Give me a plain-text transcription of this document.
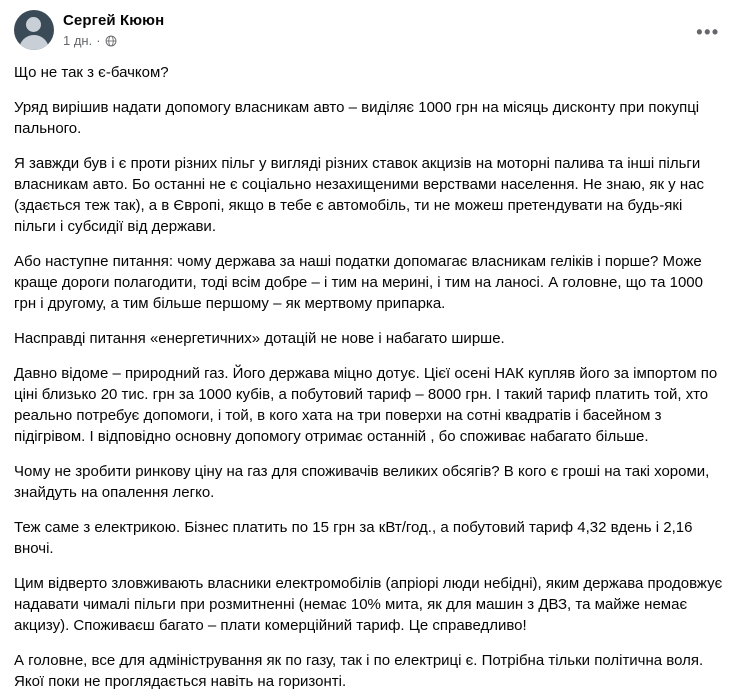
Сергей Кююн
1 дн. ·	•••

Що не так з є-бачком?

Уряд вирішив надати допомогу власникам авто – виділяє 1000 грн на місяць дисконту при покупці пального.

Я завжди був і є проти різних пільг у вигляді різних ставок акцизів на моторні палива та інші пільги власникам авто. Бо останні не є соціально незахищеними верствами населення. Не знаю, як у нас (здається теж так), а в Європі, якщо в тебе є автомобіль, ти не можеш претендувати на будь-які пільги і субсидії від держави.

Або наступне питання: чому держава за наші податки допомагає власникам геліків і порше? Може краще дороги полагодити, тоді всім добре – і тим на мерині, і тим на ланосі. А головне, що та 1000 грн і другому, а тим більше першому – як мертвому припарка.

Насправді питання «енергетичних» дотацій не нове і набагато ширше.

Давно відоме – природний газ. Його держава міцно дотує. Цієї осені НАК купляв його за імпортом по ціні близько 20 тис. грн за 1000 кубів, а побутовий тариф – 8000 грн. І такий тариф платить той, хто реально потребує допомоги, і той, в кого хата на три поверхи на сотні квадратів і басейном з підігрівом. І відповідно основну допомогу отримає останній , бо споживає набагато більше.

Чому не зробити ринкову ціну на газ для споживачів великих обсягів? В кого є гроші на такі хороми, знайдуть на опалення легко.

Теж саме з електрикою. Бізнес платить по 15 грн за кВт/год., а побутовий тариф 4,32 вдень і 2,16 вночі.

Цим відверто зловживають власники електромобілів (апріорі люди небідні), яким держава продовжує надавати чималі пільги при розмитненні (немає 10% мита, як для машин з ДВЗ, та майже немає акцизу). Споживаєш багато – плати комерційний тариф. Це справедливо!

А головне, все для адміністрування як по газу, так і по електриці є. Потрібна тільки політична воля. Якої поки не проглядається навіть на горизонті.
